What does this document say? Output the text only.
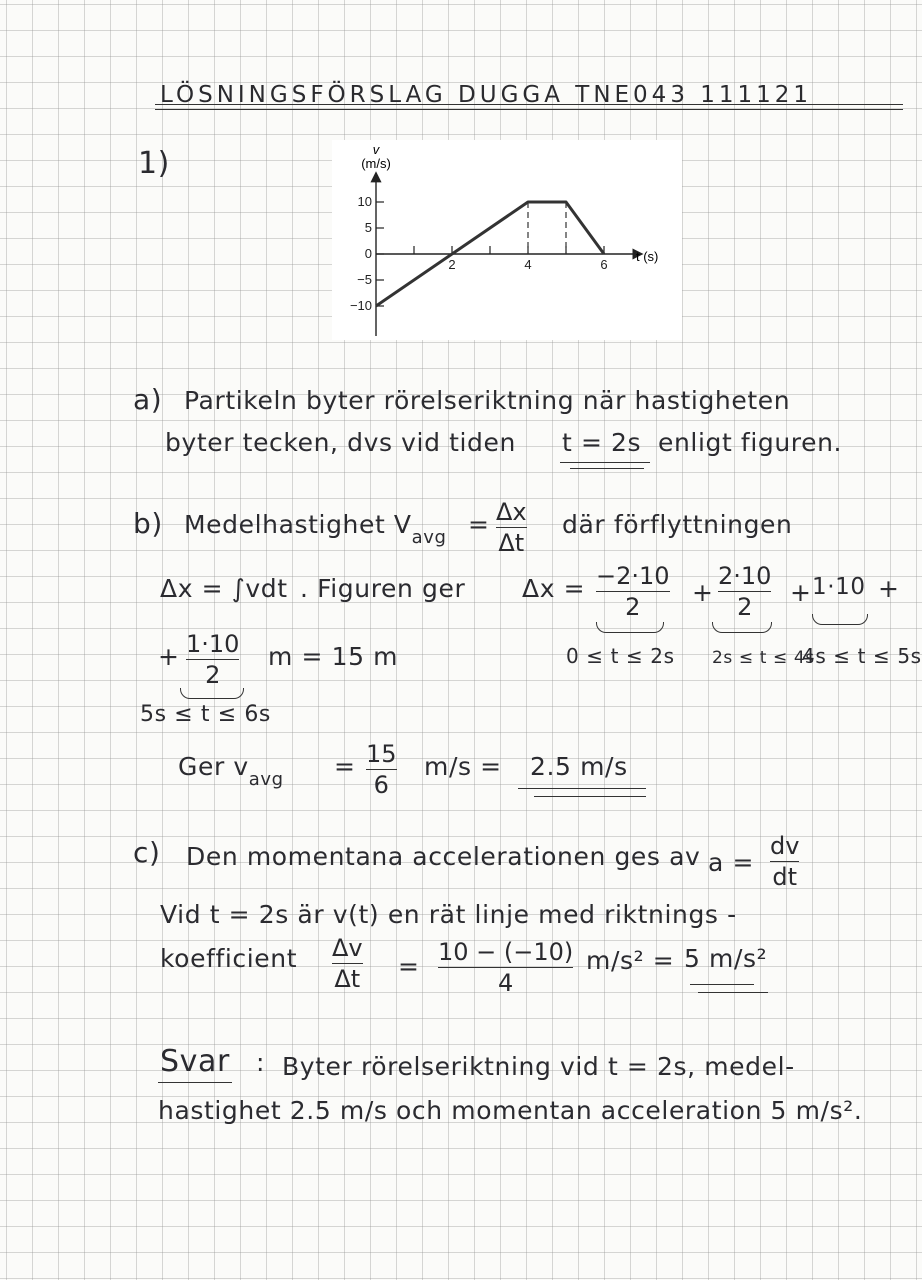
LÖSNINGSFÖRSLAG DUGGA TNE043 111121
1)
10
5
0
−5
−10
2	4	6
v
(m/s)
t (s)
a) Partikeln byter rörelseriktning när hastigheten
byter tecken, dvs vid tiden t = 2s enligt figuren.
b) Medelhastighet $V_{avg} = \Delta x$
Δt
där förflyttningen
Δx = ∫vdt . Figuren ger Δx = −2·10
2 +
2·10
2 + 1·10 +
0 ≤ t ≤ 2s 2s ≤ t ≤ 4s
4s ≤ t ≤ 5s
+ 1·10
2
m = 15 m
5s ≤ t ≤ 6s
Ger $v_{avg} = 15$
6
m/s = 2.5 m/s
c) Den momentana accelerationen ges av a =
dv
dt
Vid t = 2s är v(t) en rät linje med riktnings -
koefficient Δv
Δt = 10 − (−10)
4
m/s² = 5 m/s²
Svar : Byter rörelseriktning vid t = 2s, medel-
hastighet 2.5 m/s och momentan acceleration 5 m/s².
